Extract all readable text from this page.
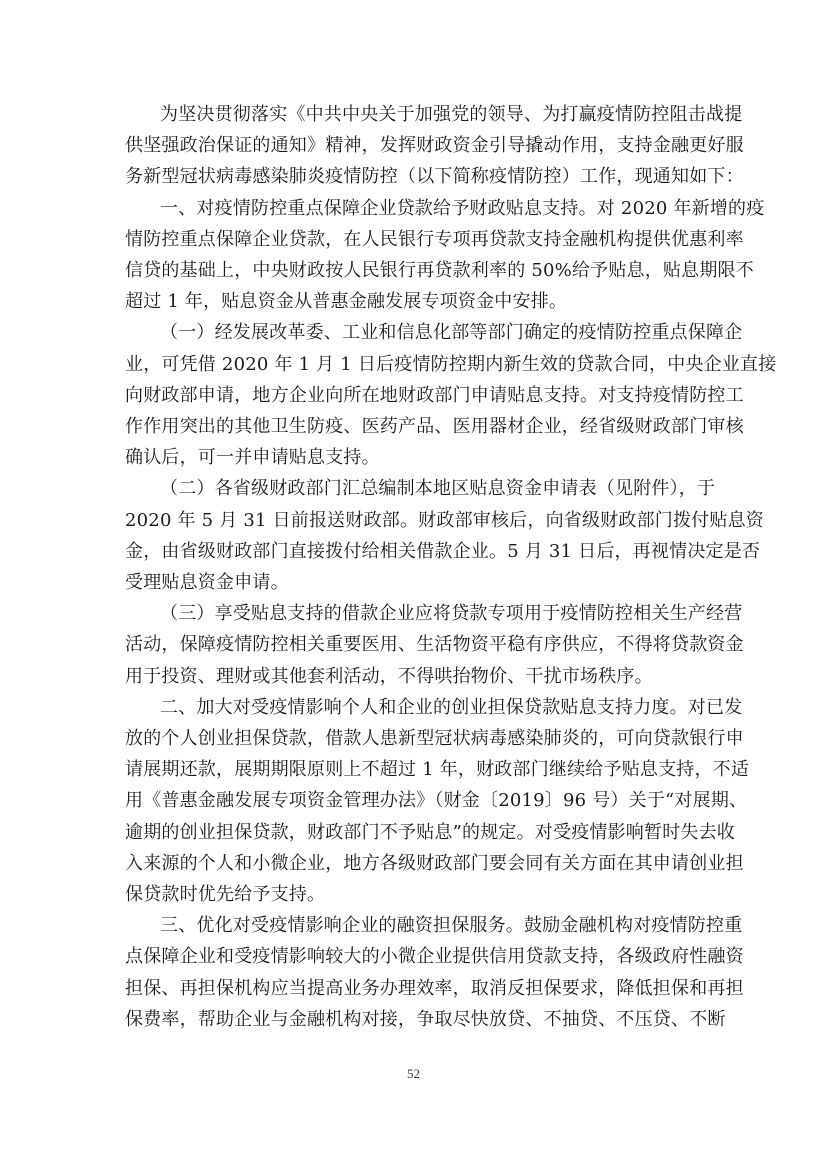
为坚决贯彻落实《中共中央关于加强党的领导、为打赢疫情防控阻击战提
供坚强政治保证的通知》精神，发挥财政资金引导撬动作用，支持金融更好服
务新型冠状病毒感染肺炎疫情防控（以下简称疫情防控）工作，现通知如下：
一、对疫情防控重点保障企业贷款给予财政贴息支持。对 2020 年新增的疫
情防控重点保障企业贷款，在人民银行专项再贷款支持金融机构提供优惠利率
信贷的基础上，中央财政按人民银行再贷款利率的 50%给予贴息，贴息期限不
超过 1 年，贴息资金从普惠金融发展专项资金中安排。
（一）经发展改革委、工业和信息化部等部门确定的疫情防控重点保障企
业，可凭借 2020 年 1 月 1 日后疫情防控期内新生效的贷款合同，中央企业直接
向财政部申请，地方企业向所在地财政部门申请贴息支持。对支持疫情防控工
作作用突出的其他卫生防疫、医药产品、医用器材企业，经省级财政部门审核
确认后，可一并申请贴息支持。
（二）各省级财政部门汇总编制本地区贴息资金申请表（见附件），于
2020 年 5 月 31 日前报送财政部。财政部审核后，向省级财政部门拨付贴息资
金，由省级财政部门直接拨付给相关借款企业。5 月 31 日后，再视情决定是否
受理贴息资金申请。
（三）享受贴息支持的借款企业应将贷款专项用于疫情防控相关生产经营
活动，保障疫情防控相关重要医用、生活物资平稳有序供应，不得将贷款资金
用于投资、理财或其他套利活动，不得哄抬物价、干扰市场秩序。
二、加大对受疫情影响个人和企业的创业担保贷款贴息支持力度。对已发
放的个人创业担保贷款，借款人患新型冠状病毒感染肺炎的，可向贷款银行申
请展期还款，展期期限原则上不超过 1 年，财政部门继续给予贴息支持，不适
用《普惠金融发展专项资金管理办法》（财金〔2019〕96 号）关于“对展期、
逾期的创业担保贷款，财政部门不予贴息”的规定。对受疫情影响暂时失去收
入来源的个人和小微企业，地方各级财政部门要会同有关方面在其申请创业担
保贷款时优先给予支持。
三、优化对受疫情影响企业的融资担保服务。鼓励金融机构对疫情防控重
点保障企业和受疫情影响较大的小微企业提供信用贷款支持，各级政府性融资
担保、再担保机构应当提高业务办理效率，取消反担保要求，降低担保和再担
保费率，帮助企业与金融机构对接，争取尽快放贷、不抽贷、不压贷、不断
52
